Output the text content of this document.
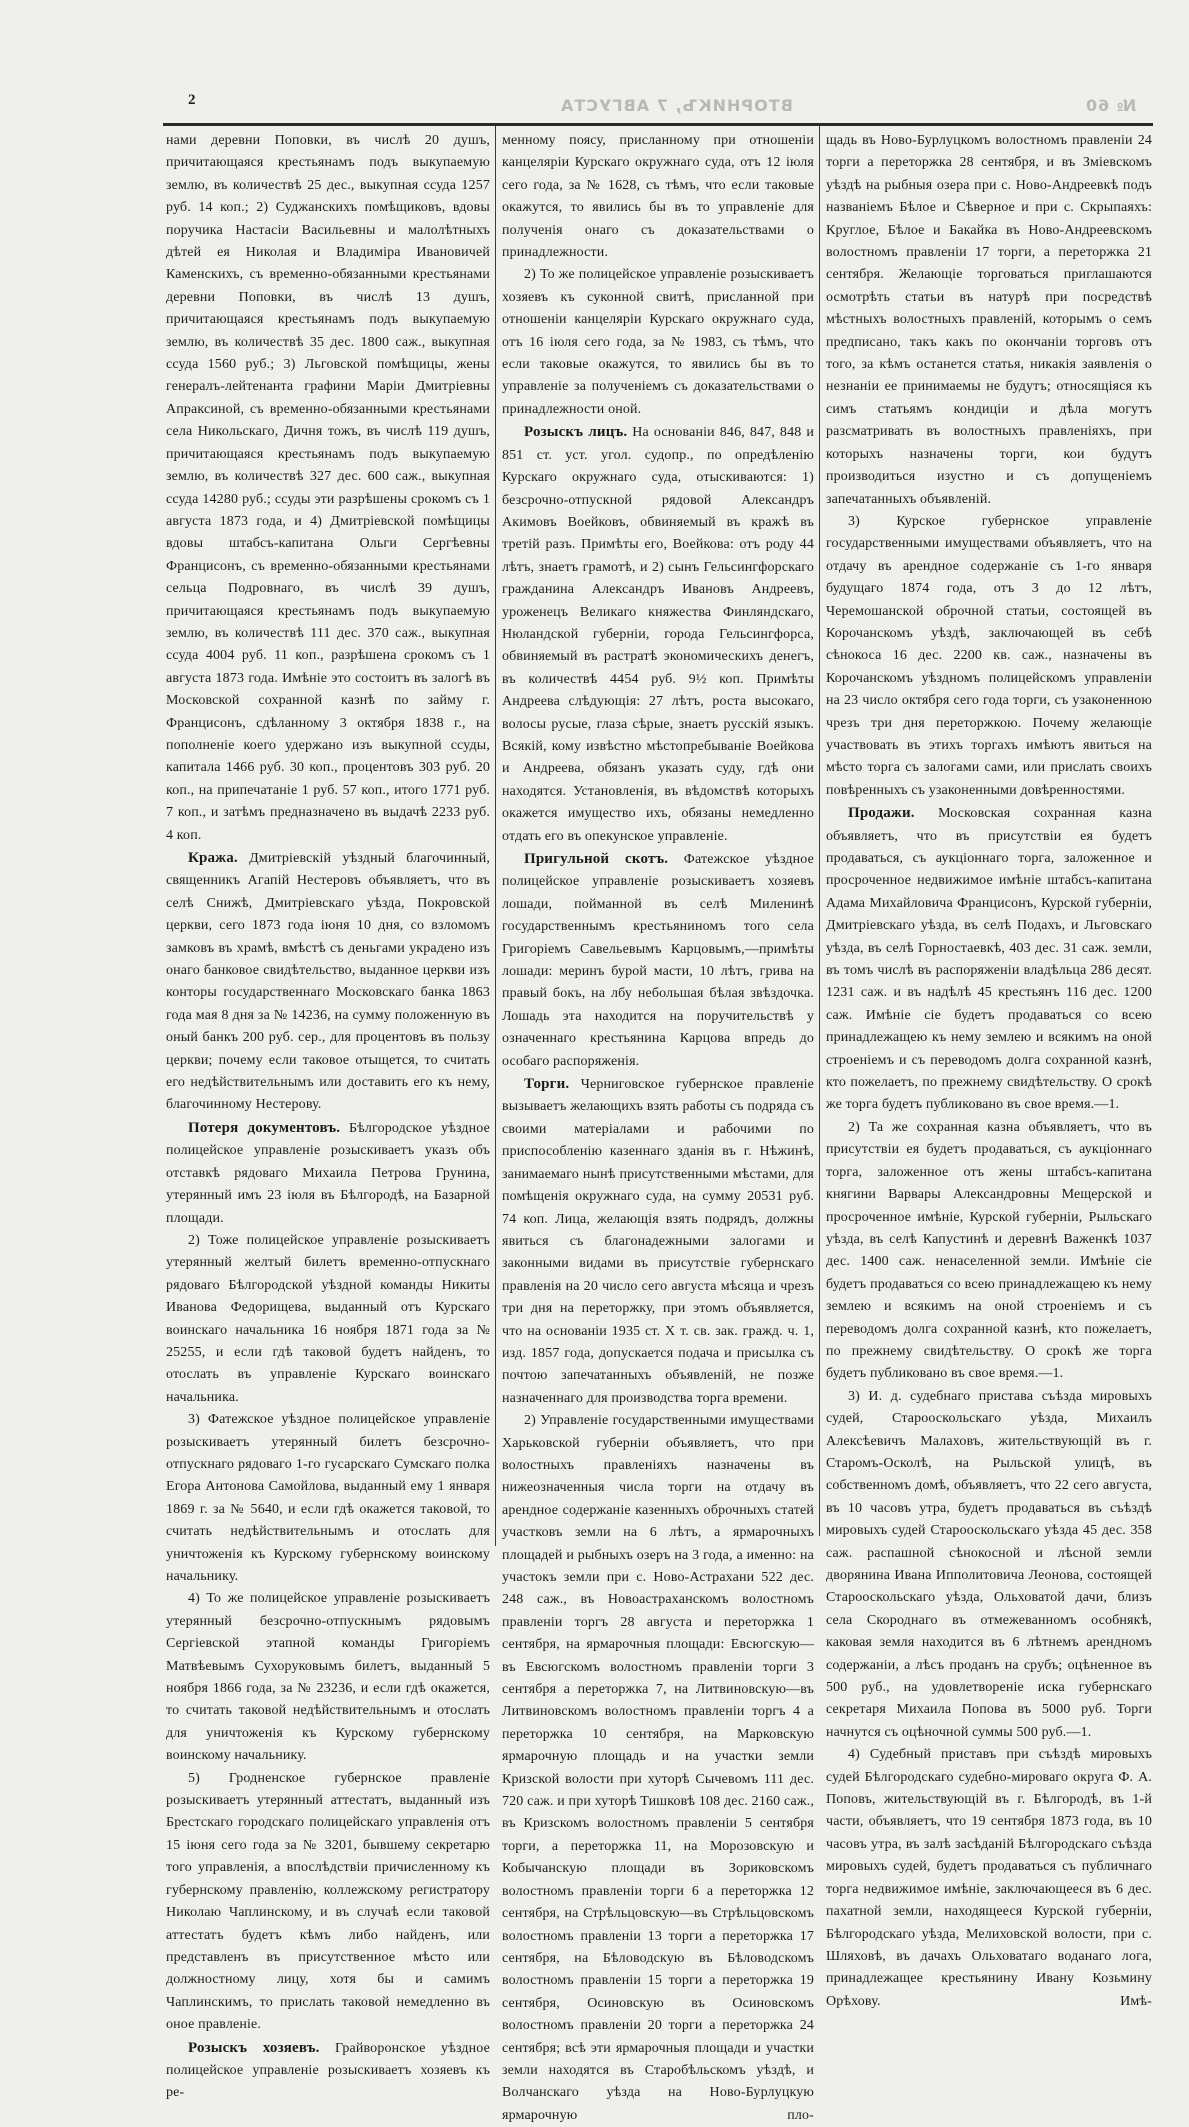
2	ВТОРНИКЪ, 7 АВГУСТА	№ 60

нами деревни Поповки, въ числѣ 20 душъ, причитающаяся крестьянамъ подъ выкупаемую землю, въ количествѣ 25 дес., выкупная ссуда 1257 руб. 14 коп.; 2) Суджанскихъ помѣщиковъ, вдовы поручика Настасіи Васильевны и малолѣтныхъ дѣтей ея Николая и Владиміра Ивановичей Каменскихъ, съ временно-обязанными крестьянами деревни Поповки, въ числѣ 13 душъ, причитающаяся крестьянамъ подъ выкупаемую землю, въ количествѣ 35 дес. 1800 саж., выкупная ссуда 1560 руб.; 3) Льговской помѣщицы, жены генералъ-лейтенанта графини Маріи Дмитріевны Апраксиной, съ временно-обязанными крестьянами села Никольскаго, Дичня тожъ, въ числѣ 119 душъ, причитающаяся крестьянамъ подъ выкупаемую землю, въ количествѣ 327 дес. 600 саж., выкупная ссуда 14280 руб.; ссуды эти разрѣшены срокомъ съ 1 августа 1873 года, и 4) Дмитріевской помѣщицы вдовы штабсъ-капитана Ольги Сергѣевны Францисонъ, съ временно-обязанными крестьянами сельца Подровнаго, въ числѣ 39 душъ, причитающаяся крестьянамъ подъ выкупаемую землю, въ количествѣ 111 дес. 370 саж., выкупная ссуда 4004 руб. 11 коп., разрѣшена срокомъ съ 1 августа 1873 года. Имѣніе это состоитъ въ залогѣ въ Московской сохранной казнѣ по займу г. Францисонъ, сдѣланному 3 октября 1838 г., на пополненіе коего удержано изъ выкупной ссуды, капитала 1466 руб. 30 коп., процентовъ 303 руб. 20 коп., на припечатаніе 1 руб. 57 коп., итого 1771 руб. 7 коп., и затѣмъ предназначено въ выдачѣ 2233 руб. 4 коп.

Кража. Дмитріевскій уѣздный благочинный, священникъ Агапій Нестеровъ объявляетъ, что въ селѣ Снижѣ, Дмитріевскаго уѣзда, Покровской церкви, сего 1873 года іюня 10 дня, со взломомъ замковъ въ храмѣ, вмѣстѣ съ деньгами украдено изъ онаго банковое свидѣтельство, выданное церкви изъ конторы государственнаго Московскаго банка 1863 года мая 8 дня за № 14236, на сумму положенную въ оный банкъ 200 руб. сер., для процентовъ въ пользу церкви; почему если таковое отыщется, то считать его недѣйствительнымъ или доставить его къ нему, благочинному Нестерову.

Потеря документовъ. Бѣлгородское уѣздное полицейское управленіе розыскиваетъ указъ объ отставкѣ рядоваго Михаила Петрова Грунина, утерянный имъ 23 іюля въ Бѣлгородѣ, на Базарной площади.

2) Тоже полицейское управленіе розыскиваетъ утерянный желтый билетъ временно-отпускнаго рядоваго Бѣлгородской уѣздной команды Никиты Иванова Федорищева, выданный отъ Курскаго воинскаго начальника 16 ноября 1871 года за № 25255, и если гдѣ таковой будетъ найденъ, то отослать въ управленіе Курскаго воинскаго начальника.

3) Фатежское уѣздное полицейское управленіе розыскиваетъ утерянный билетъ безсрочно-отпускнаго рядоваго 1-го гусарскаго Сумскаго полка Егора Антонова Самойлова, выданный ему 1 января 1869 г. за № 5640, и если гдѣ окажется таковой, то считать недѣйствительнымъ и отослать для уничтоженія къ Курскому губернскому воинскому начальнику.

4) То же полицейское управленіе розыскиваетъ утерянный безсрочно-отпускнымъ рядовымъ Сергіевской этапной команды Григоріемъ Матвѣевымъ Сухоруковымъ билетъ, выданный 5 ноября 1866 года, за № 23236, и если гдѣ окажется, то считать таковой недѣйствительнымъ и отослать для уничтоженія къ Курскому губернскому воинскому начальнику.

5) Гродненское губернское правленіе розыскиваетъ утерянный аттестатъ, выданный изъ Брестскаго городскаго полицейскаго управленія отъ 15 іюня сего года за № 3201, бывшему секретарю того управленія, а впослѣдствіи причисленному къ губернскому правленію, коллежскому регистратору Николаю Чаплинскому, и въ случаѣ если таковой аттестатъ будетъ кѣмъ либо найденъ, или представленъ въ присутственное мѣсто или должностному лицу, хотя бы и самимъ Чаплинскимъ, то прислать таковой немедленно въ оное правленіе.

Розыскъ хозяевъ. Грайворонское уѣздное полицейское управленіе розыскиваетъ хозяевъ къ ре-

менному поясу, присланному при отношеніи канцеляріи Курскаго окружнаго суда, отъ 12 іюля сего года, за № 1628, съ тѣмъ, что если таковые окажутся, то явились бы въ то управленіе для полученія онаго съ доказательствами о принадлежности.

2) То же полицейское управленіе розыскиваетъ хозяевъ къ суконной свитѣ, присланной при отношеніи канцеляріи Курскаго окружнаго суда, отъ 16 іюля сего года, за № 1983, съ тѣмъ, что если таковые окажутся, то явились бы въ то управленіе за полученіемъ съ доказательствами о принадлежности оной.

Розыскъ лицъ. На основаніи 846, 847, 848 и 851 ст. уст. угол. судопр., по опредѣленію Курскаго окружнаго суда, отыскиваются: 1) безсрочно-отпускной рядовой Александръ Акимовъ Воейковъ, обвиняемый въ кражѣ въ третій разъ. Примѣты его, Воейкова: отъ роду 44 лѣтъ, знаетъ грамотѣ, и 2) сынъ Гельсингфорскаго гражданина Александръ Ивановъ Андреевъ, уроженецъ Великаго княжества Финляндскаго, Нюландской губерніи, города Гельсингфорса, обвиняемый въ растратѣ экономическихъ денегъ, въ количествѣ 4454 руб. 9½ коп. Примѣты Андреева слѣдующія: 27 лѣтъ, роста высокаго, волосы русые, глаза сѣрые, знаетъ русскій языкъ. Всякій, кому извѣстно мѣстопребываніе Воейкова и Андреева, обязанъ указать суду, гдѣ они находятся. Установленія, въ вѣдомствѣ которыхъ окажется имущество ихъ, обязаны немедленно отдать его въ опекунское управленіе.

Пригульной скотъ. Фатежское уѣздное полицейское управленіе розыскиваетъ хозяевъ лошади, пойманной въ селѣ Миленинѣ государственнымъ крестьяниномъ того села Григоріемъ Савельевымъ Карцовымъ,—примѣты лошади: меринъ бурой масти, 10 лѣтъ, грива на правый бокъ, на лбу небольшая бѣлая звѣздочка. Лошадь эта находится на поручительствѣ у означеннаго крестьянина Карцова впредь до особаго распоряженія.

Торги. Черниговское губернское правленіе вызываетъ желающихъ взять работы съ подряда съ своими матеріалами и рабочими по приспособленію казеннаго зданія въ г. Нѣжинѣ, занимаемаго нынѣ присутственными мѣстами, для помѣщенія окружнаго суда, на сумму 20531 руб. 74 коп. Лица, желающія взять подрядъ, должны явиться съ благонадежными залогами и законными видами въ присутствіе губернскаго правленія на 20 число сего августа мѣсяца и чрезъ три дня на переторжку, при этомъ объявляется, что на основаніи 1935 ст. X т. св. зак. гражд. ч. 1, изд. 1857 года, допускается подача и присылка съ почтою запечатанныхъ объявленій, не позже назначеннаго для производства торга времени.

2) Управленіе государственными имуществами Харьковской губерніи объявляетъ, что при волостныхъ правленіяхъ назначены въ нижеозначенныя числа торги на отдачу въ арендное содержаніе казенныхъ оброчныхъ статей участковъ земли на 6 лѣтъ, а ярмарочныхъ площадей и рыбныхъ озеръ на 3 года, а именно: на участокъ земли при с. Ново-Астрахани 522 дес. 248 саж., въ Новоастраханскомъ волостномъ правленіи торгъ 28 августа и переторжка 1 сентября, на ярмарочныя площади: Евсюгскую—въ Евсюгскомъ волостномъ правленіи торги 3 сентября а переторжка 7, на Литвиновскую—въ Литвиновскомъ волостномъ правленіи торгъ 4 а переторжка 10 сентября, на Марковскую ярмарочную площадь и на участки земли Кризской волости при хуторѣ Сычевомъ 111 дес. 720 саж. и при хуторѣ Тишковѣ 108 дес. 2160 саж., въ Кризскомъ волостномъ правленіи 5 сентября торги, а переторжка 11, на Морозовскую и Кобычанскую площади въ Зориковскомъ волостномъ правленіи торги 6 а переторжка 12 сентября, на Стрѣльцовскую—въ Стрѣльцовскомъ волостномъ правленіи 13 торги а переторжка 17 сентября, на Бѣловодскую въ Бѣловодскомъ волостномъ правленіи 15 торги а переторжка 19 сентября, Осиновскую въ Осиновскомъ волостномъ правленіи 20 торги а переторжка 24 сентября; всѣ эти ярмарочныя площади и участки земли находятся въ Старобѣльскомъ уѣздѣ, и Волчанскаго уѣзда на Ново-Бурлуцкую ярмарочную пло-

щадь въ Ново-Бурлуцкомъ волостномъ правленіи 24 торги а переторжка 28 сентября, и въ Зміевскомъ уѣздѣ на рыбныя озера при с. Ново-Андреевкѣ подъ названіемъ Бѣлое и Сѣверное и при с. Скрыпаяхъ: Круглое, Бѣлое и Бакайка въ Ново-Андреевскомъ волостномъ правленіи 17 торги, а переторжка 21 сентября. Желающіе торговаться приглашаются осмотрѣть статьи въ натурѣ при посредствѣ мѣстныхъ волостныхъ правленій, которымъ о семъ предписано, такъ какъ по окончаніи торговъ отъ того, за кѣмъ останется статья, никакія заявленія о незнаніи ее принимаемы не будутъ; относящіяся къ симъ статьямъ кондиціи и дѣла могутъ разсматривать въ волостныхъ правленіяхъ, при которыхъ назначены торги, кои будутъ производиться изустно и съ допущеніемъ запечатанныхъ объявленій.

3) Курское губернское управленіе государственными имуществами объявляетъ, что на отдачу въ арендное содержаніе съ 1-го января будущаго 1874 года, отъ 3 до 12 лѣтъ, Черемошанской оброчной статьи, состоящей въ Корочанскомъ уѣздѣ, заключающей въ себѣ сѣнокоса 16 дес. 2200 кв. саж., назначены въ Корочанскомъ уѣздномъ полицейскомъ управленіи на 23 число октября сего года торги, съ узаконенною чрезъ три дня переторжкою. Почему желающіе участвовать въ этихъ торгахъ имѣютъ явиться на мѣсто торга съ залогами сами, или прислать своихъ повѣренныхъ съ узаконенными довѣренностями.

Продажи. Московская сохранная казна объявляетъ, что въ присутствіи ея будетъ продаваться, съ аукціоннаго торга, заложенное и просроченное недвижимое имѣніе штабсъ-капитана Адама Михайловича Францисонъ, Курской губерніи, Дмитріевскаго уѣзда, въ селѣ Подахъ, и Льговскаго уѣзда, въ селѣ Горностаевкѣ, 403 дес. 31 саж. земли, въ томъ числѣ въ распоряженіи владѣльца 286 десят. 1231 саж. и въ надѣлѣ 45 крестьянъ 116 дес. 1200 саж. Имѣніе сіе будетъ продаваться со всею принадлежащею къ нему землею и всякимъ на оной строеніемъ и съ переводомъ долга сохранной казнѣ, кто пожелаетъ, по прежнему свидѣтельству. О срокѣ же торга будетъ публиковано въ свое время.—1.

2) Та же сохранная казна объявляетъ, что въ присутствіи ея будетъ продаваться, съ аукціоннаго торга, заложенное отъ жены штабсъ-капитана княгини Варвары Александровны Мещерской и просроченное имѣніе, Курской губерніи, Рыльскаго уѣзда, въ селѣ Капустинѣ и деревнѣ Важенкѣ 1037 дес. 1400 саж. ненаселенной земли. Имѣніе сіе будетъ продаваться со всею принадлежащею къ нему землею и всякимъ на оной строеніемъ и съ переводомъ долга сохранной казнѣ, кто пожелаетъ, по прежнему свидѣтельству. О срокѣ же торга будетъ публиковано въ свое время.—1.

3) И. д. судебнаго пристава съѣзда мировыхъ судей, Старооскольскаго уѣзда, Михаилъ Алексѣевичъ Малаховъ, жительствующій въ г. Старомъ-Осколѣ, на Рыльской улицѣ, въ собственномъ домѣ, объявляетъ, что 22 сего августа, въ 10 часовъ утра, будетъ продаваться въ съѣздѣ мировыхъ судей Старооскольскаго уѣзда 45 дес. 358 саж. распашной сѣнокосной и лѣсной земли дворянина Ивана Ипполитовича Леонова, состоящей Старооскольскаго уѣзда, Ольховатой дачи, близъ села Скороднаго въ отмежеванномъ особнякѣ, каковая земля находится въ 6 лѣтнемъ арендномъ содержаніи, а лѣсъ проданъ на срубъ; оцѣненное въ 500 руб., на удовлетвореніе иска губернскаго секретаря Михаила Попова въ 5000 руб. Торги начнутся съ оцѣночной суммы 500 руб.—1.

4) Судебный приставъ при съѣздѣ мировыхъ судей Бѣлгородскаго судебно-мироваго округа Ф. А. Поповъ, жительствующій въ г. Бѣлгородѣ, въ 1-й части, объявляетъ, что 19 сентября 1873 года, въ 10 часовъ утра, въ залѣ засѣданій Бѣлгородскаго съѣзда мировыхъ судей, будетъ продаваться съ публичнаго торга недвижимое имѣніе, заключающееся въ 6 дес. пахатной земли, находящееся Курской губерніи, Бѣлгородскаго уѣзда, Мелиховской волости, при с. Шляховѣ, въ дачахъ Ольховатаго воданаго лога, принадлежащее крестьянину Ивану Козьмину Орѣхову. Имѣ-
